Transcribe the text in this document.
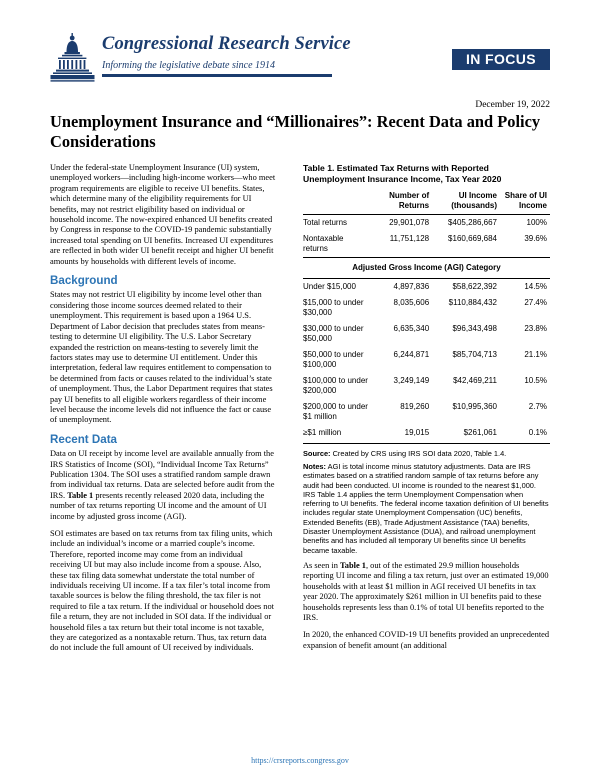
Congressional Research Service
Informing the legislative debate since 1914	IN FOCUS
December 19, 2022
Unemployment Insurance and “Millionaires”: Recent Data and Policy Considerations

Under the federal-state Unemployment Insurance (UI) system, unemployed workers—including high-income workers—who meet program requirements are eligible to receive UI benefits. States, which determine many of the eligibility requirements for UI benefits, may not restrict eligibility based on individual or household income. The now-expired enhanced UI benefits created by Congress in response to the COVID-19 pandemic substantially increased total spending on UI benefits. Increased UI expenditures are reflected in both wider UI benefit receipt and higher UI benefit amounts by households with different levels of income.

Background

States may not restrict UI eligibility by income level other than considering those income sources deemed related to their unemployment. This requirement is based upon a 1964 U.S. Department of Labor decision that precludes states from means-testing to determine UI eligibility. The U.S. Labor Secretary expanded the restriction on means-testing to severely limit the factors states may use to determine UI entitlement. Under this interpretation, federal law requires entitlement to compensation to be determined from facts or causes related to the individual’s state of unemployment. Thus, the Labor Department requires that states pay UI benefits to all eligible workers regardless of their income level because the income levels did not influence the fact or cause of unemployment.

Recent Data

Data on UI receipt by income level are available annually from the IRS Statistics of Income (SOI), “Individual Income Tax Returns” Publication 1304. The SOI uses a stratified random sample drawn from individual tax returns. Data are selected before audit from the IRS. Table 1 presents recently released 2020 data, including the number of tax returns reporting UI income and the amount of UI income by adjusted gross income (AGI).

SOI estimates are based on tax returns from tax filing units, which include an individual’s income or a married couple’s income. Therefore, reported income may come from an individual receiving UI but may also include income from a spouse. Also, these tax filing data somewhat understate the total number of individuals receiving UI income. If a tax filer’s total income from taxable sources is below the filing threshold, the tax filer is not required to file a tax return. If the individual or household does not file a return, they are not included in SOI data. If the individual or household files a tax return but their total income is not taxable, they are categorized as a nontaxable return. Thus, tax return data do not include the full amount of UI received by individuals.

Table 1. Estimated Tax Returns with Reported Unemployment Insurance Income, Tax Year 2020
	Number of Returns	UI Income (thousands)	Share of UI Income
Total returns	29,901,078	$405,286,667	100%
Nontaxable returns	11,751,128	$160,669,684	39.6%
Adjusted Gross Income (AGI) Category			
Under $15,000	4,897,836	$58,622,392	14.5%
$15,000 to under $30,000	8,035,606	$110,884,432	27.4%
$30,000 to under $50,000	6,635,340	$96,343,498	23.8%
$50,000 to under $100,000	6,244,871	$85,704,713	21.1%
$100,000 to under $200,000	3,249,149	$42,469,211	10.5%
$200,000 to under $1 million	819,260	$10,995,360	2.7%
≥$1 million	19,015	$261,061	0.1%

Source: Created by CRS using IRS SOI data 2020, Table 1.4.

Notes: AGI is total income minus statutory adjustments. Data are IRS estimates based on a stratified random sample of tax returns before any audit had been conducted. UI income is rounded to the nearest $1,000. IRS Table 1.4 applies the term Unemployment Compensation when referring to UI benefits. The federal income taxation definition of UI benefits includes regular state Unemployment Compensation (UC) benefits, Extended Benefits (EB), Trade Adjustment Assistance (TAA) benefits, Disaster Unemployment Assistance (DUA), and railroad unemployment benefits and has included all temporary UI benefits since UI benefits became taxable.

As seen in Table 1, out of the estimated 29.9 million households reporting UI income and filing a tax return, just over an estimated 19,000 households with at least $1 million in AGI received UI benefits in tax year 2020. The approximately $261 million in UI benefits paid to these households represents less than 0.1% of total UI benefits reported to the IRS.

In 2020, the enhanced COVID-19 UI benefits provided an unprecedented expansion of benefit amount (an additional

https://crsreports.congress.gov
